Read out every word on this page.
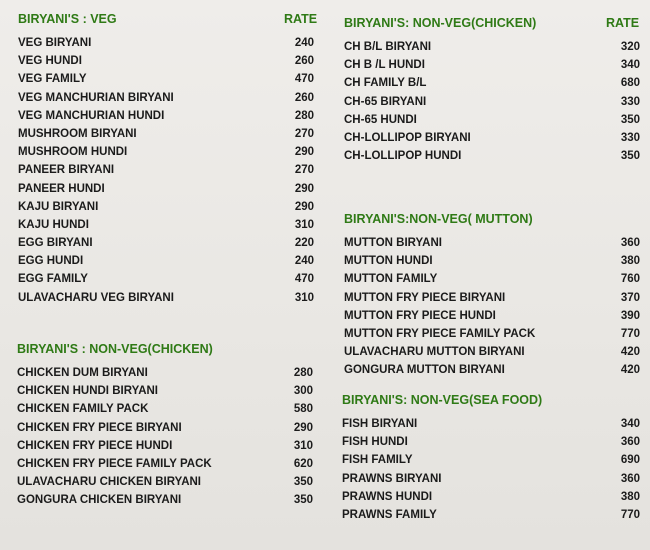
BIRYANI'S : VEG	RATE
VEG BIRYANI	240
VEG HUNDI	260
VEG FAMILY	470
VEG MANCHURIAN BIRYANI	260
VEG MANCHURIAN HUNDI	280
MUSHROOM BIRYANI	270
MUSHROOM HUNDI	290
PANEER BIRYANI	270
PANEER HUNDI	290
KAJU BIRYANI	290
KAJU HUNDI	310
EGG BIRYANI	220
EGG HUNDI	240
EGG FAMILY	470
ULAVACHARU VEG BIRYANI	310
BIRYANI'S : NON-VEG(CHICKEN)
CHICKEN DUM BIRYANI	280
CHICKEN HUNDI BIRYANI	300
CHICKEN FAMILY PACK	580
CHICKEN FRY PIECE BIRYANI	290
CHICKEN FRY PIECE HUNDI	310
CHICKEN FRY PIECE FAMILY PACK	620
ULAVACHARU CHICKEN BIRYANI	350
GONGURA CHICKEN BIRYANI	350
BIRYANI'S: NON-VEG(CHICKEN)	RATE
CH B/L BIRYANI	320
CH B /L HUNDI	340
CH FAMILY B/L	680
CH-65 BIRYANI	330
CH-65 HUNDI	350
CH-LOLLIPOP BIRYANI	330
CH-LOLLIPOP HUNDI	350
BIRYANI'S:NON-VEG( MUTTON)
MUTTON BIRYANI	360
MUTTON HUNDI	380
MUTTON FAMILY	760
MUTTON FRY PIECE BIRYANI	370
MUTTON FRY PIECE HUNDI	390
MUTTON FRY PIECE FAMILY PACK	770
ULAVACHARU MUTTON BIRYANI	420
GONGURA MUTTON BIRYANI	420
BIRYANI'S: NON-VEG(SEA FOOD)
FISH BIRYANI	340
FISH HUNDI	360
FISH FAMILY	690
PRAWNS BIRYANI	360
PRAWNS HUNDI	380
PRAWNS FAMILY	770
